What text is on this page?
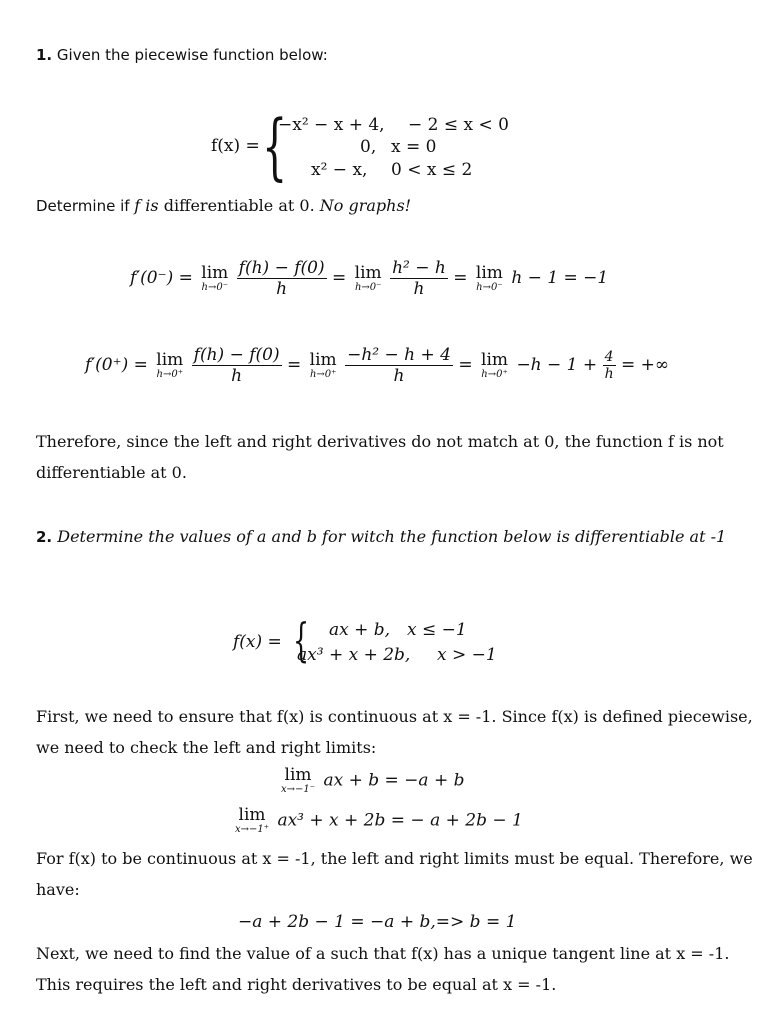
1. Given the piecewise function below:
f(x) = {
−x² − x + 4, − 2 ≤ x < 0
0, x = 0
x² − x, 0 < x ≤ 2
Determine if f is differentiable at 0. No graphs!
f′(0⁻) = lim
h→0⁻
$\frac{f(h) - f(0)}{h} = \lim$
h→0⁻
$\frac{\text{h² − h}}{h} = \lim$
h→0⁻ h − 1 = −1
f′(0⁺) = lim
h→0⁺
$\frac{f(h) - f(0)}{h} = \lim$
h→0⁺
$\frac{\text{−h² − h + 4}}{h} = \lim$
$h\to 0^+ -h - 1 + \frac{4}{h}$ = +∞
Therefore, since the left and right derivatives do not match at 0, the function f is not
differentiable at 0.
2. Determine the values of a and b for witch the function below is differentiable at -1
f(x) = { ax + b, x ≤ −1
ax³ + x + 2b, x > −1
First, we need to ensure that f(x) is continuous at x = -1. Since f(x) is defined piecewise,
we need to check the left and right limits:
lim
x→−1⁻ ax + b = −a + b
lim
x→−1⁺ ax³ + x + 2b = − a + 2b − 1
For f(x) to be continuous at x = -1, the left and right limits must be equal. Therefore, we
have:
−a + 2b − 1 = −a + b,=> b = 1
Next, we need to find the value of a such that f(x) has a unique tangent line at x = -1.
This requires the left and right derivatives to be equal at x = -1.
